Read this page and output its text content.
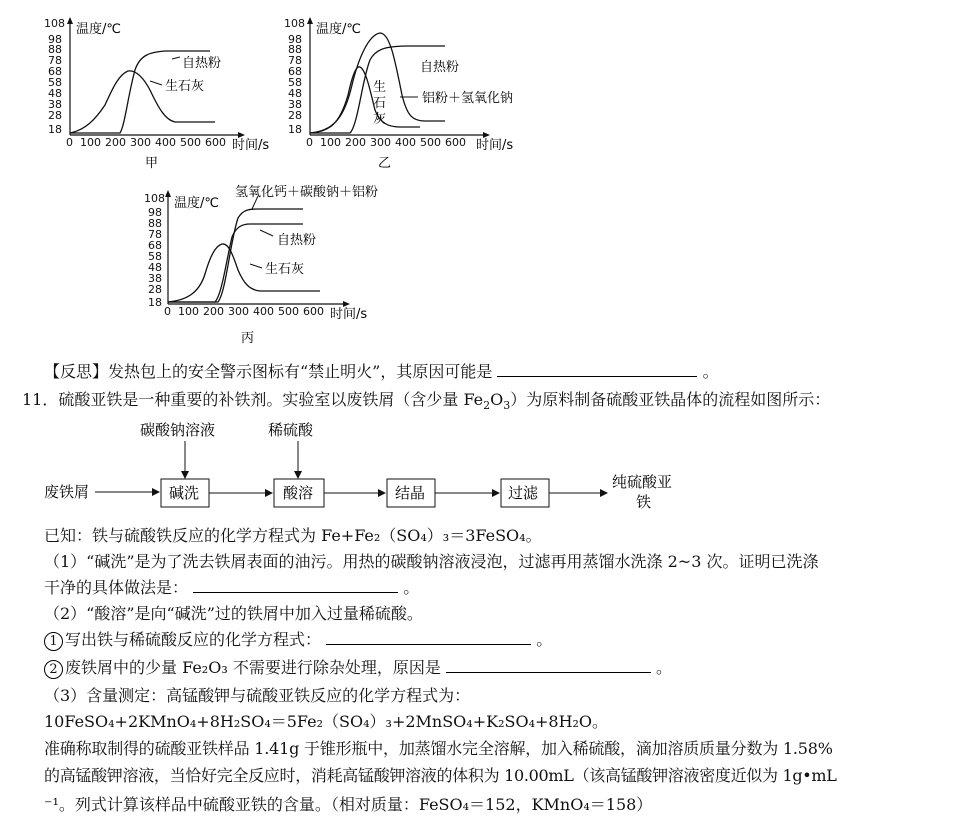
108
98
88
78
68
58
48
38
28
18
温度/℃
0 100 200 300 400 500 600 时间/s
自热粉
生石灰
甲
108
98
88
78
68
58
48
38
28
18
温度/℃
0 100 200 300 400 500 600 时间/s
自热粉
铝粉＋氢氧化钠
生
石
灰
乙
108
98
88
78
68
58
48
38
28
18
温度/℃
0 100 200 300 400 500 600 时间/s
氢氧化钙＋碳酸钠＋铝粉
自热粉
生石灰
丙
【反思】发热包上的安全警示图标有“禁止明火”，其原因可能是	。
11．硫酸亚铁是一种重要的补铁剂。实验室以废铁屑（含少量 $Fe_2O_3$）为原料制备硫酸亚铁晶体的流程如图所示：
碳酸钠溶液	稀硫酸
废铁屑	碱洗	酸溶	结晶	过滤
纯硫酸亚
铁
已知：铁与硫酸铁反应的化学方程式为 Fe+Fe₂（SO₄）₃＝3FeSO₄。
（1）“碱洗”是为了洗去铁屑表面的油污。用热的碳酸钠溶液浸泡，过滤再用蒸馏水洗涤 2~3 次。证明已洗涤
干净的具体做法是：	。
（2）“酸溶”是向“碱洗”过的铁屑中加入过量稀硫酸。
1 写出铁与稀硫酸反应的化学方程式：	。
2 废铁屑中的少量 Fe₂O₃ 不需要进行除杂处理，原因是	。
（3）含量测定：高锰酸钾与硫酸亚铁反应的化学方程式为：
10FeSO₄+2KMnO₄+8H₂SO₄＝5Fe₂（SO₄）₃+2MnSO₄+K₂SO₄+8H₂O。
准确称取制得的硫酸亚铁样品 1.41g 于锥形瓶中，加蒸馏水完全溶解，加入稀硫酸，滴加溶质质量分数为 1.58%
的高锰酸钾溶液，当恰好完全反应时，消耗高锰酸钾溶液的体积为 10.00mL（该高锰酸钾溶液密度近似为 1g•mL
⁻¹。列式计算该样品中硫酸亚铁的含量。（相对质量：FeSO₄＝152，KMnO₄＝158）
